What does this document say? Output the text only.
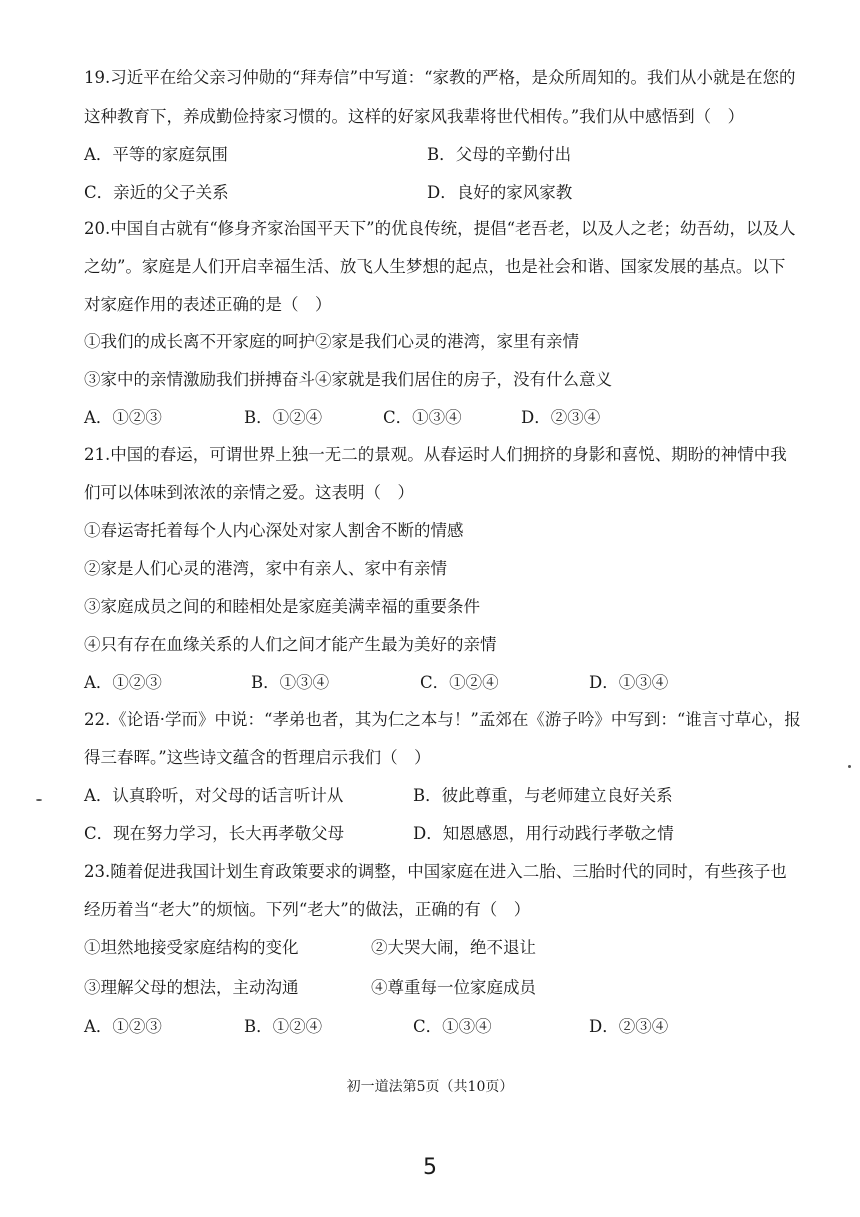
19.习近平在给父亲习仲勋的“拜寿信”中写道：“家教的严格，是众所周知的。我们从小就是在您的
这种教育下，养成勤俭持家习惯的。这样的好家风我辈将世代相传。”我们从中感悟到（　）
A．平等的家庭氛围	B．父母的辛勤付出
C．亲近的父子关系	D．良好的家风家教
20.中国自古就有“修身齐家治国平天下”的优良传统，提倡“老吾老，以及人之老；幼吾幼，以及人
之幼”。家庭是人们开启幸福生活、放飞人生梦想的起点，也是社会和谐、国家发展的基点。以下
对家庭作用的表述正确的是（　）
①我们的成长离不开家庭的呵护②家是我们心灵的港湾，家里有亲情
③家中的亲情激励我们拼搏奋斗④家就是我们居住的房子，没有什么意义
A．①②③	B．①②④	C．①③④	D．②③④
21.中国的春运，可谓世界上独一无二的景观。从春运时人们拥挤的身影和喜悦、期盼的神情中我
们可以体味到浓浓的亲情之爱。这表明（　）
①春运寄托着每个人内心深处对家人割舍不断的情感
②家是人们心灵的港湾，家中有亲人、家中有亲情
③家庭成员之间的和睦相处是家庭美满幸福的重要条件
④只有存在血缘关系的人们之间才能产生最为美好的亲情
A．①②③	B．①③④	C．①②④	D．①③④
22.《论语·学而》中说：“孝弟也者，其为仁之本与！”孟郊在《游子吟》中写到：“谁言寸草心，报
得三春晖。”这些诗文蕴含的哲理启示我们（　）
A．认真聆听，对父母的话言听计从	B．彼此尊重，与老师建立良好关系
C．现在努力学习，长大再孝敬父母	D．知恩感恩，用行动践行孝敬之情
23.随着促进我国计划生育政策要求的调整，中国家庭在进入二胎、三胎时代的同时，有些孩子也
经历着当“老大”的烦恼。下列“老大”的做法，正确的有（　）
①坦然地接受家庭结构的变化	②大哭大闹，绝不退让
③理解父母的想法，主动沟通	④尊重每一位家庭成员
A．①②③	B．①②④	C．①③④	D．②③④
初一道法第5页（共10页）
5
